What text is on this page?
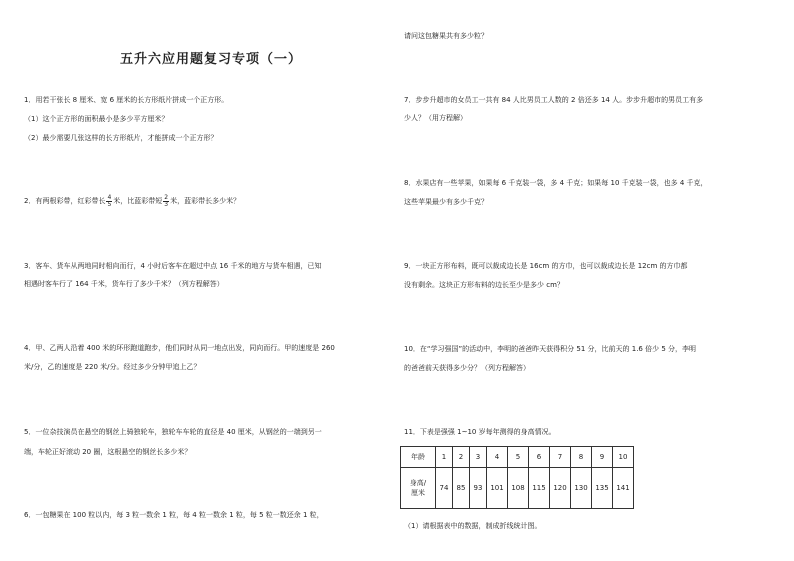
五升六应用题复习专项（一）
请问这包糖果共有多少粒？
1．用若干张长 8 厘米、宽 6 厘米的长方形纸片拼成一个正方形。
（1）这个正方形的面积最小是多少平方厘米？
（2）最少需要几张这样的长方形纸片，才能拼成一个正方形？
2．有两根彩带，红彩带长 $\frac{4}{5}$ 米，比蓝彩带短 $\frac{2}{3}$ 米，蓝彩带长多少米？
3．客车、货车从两地同时相向而行，4 小时后客车在超过中点 16 千米的地方与货车相遇，已知
相遇时客车行了 164 千米，货车行了多少千米？（列方程解答）
4．甲、乙两人沿着 400 米的环形跑道跑步，他们同时从同一地点出发，同向而行。甲的速度是 260
米/分，乙的速度是 220 米/分。经过多少分钟甲追上乙？
5．一位杂技演员在悬空的钢丝上骑独轮车，独轮车车轮的直径是 40 厘米，从钢丝的一端到另一
端，车轮正好滚动 20 圈，这根悬空的钢丝长多少米？
6．一包糖果在 100 粒以内，每 3 粒一数余 1 粒，每 4 粒一数余 1 粒，每 5 粒一数还余 1 粒，
7．步步升超市的女员工一共有 84 人比男员工人数的 2 倍还多 14 人。步步升超市的男员工有多
少人？（用方程解）
8．水果店有一些苹果，如果每 6 千克装一袋，多 4 千克；如果每 10 千克装一袋，也多 4 千克，
这些苹果最少有多少千克？
9．一块正方形布料，既可以裁成边长是 16cm 的方巾，也可以裁成边长是 12cm 的方巾都
没有剩余。这块正方形布料的边长至少是多少 cm？
10．在“学习强国”的活动中，李明的爸爸昨天获得积分 51 分，比前天的 1.6 倍少 5 分，李明
的爸爸前天获得多少分？（列方程解答）
11．下表是强强 1~10 岁每年测得的身高情况。
年龄	1	2	3	4	5	6	7	8	9	10
身高/
厘米	74	85	93	101	108	115	120	130	135	141
（1）请根据表中的数据，制成折线统计图。
